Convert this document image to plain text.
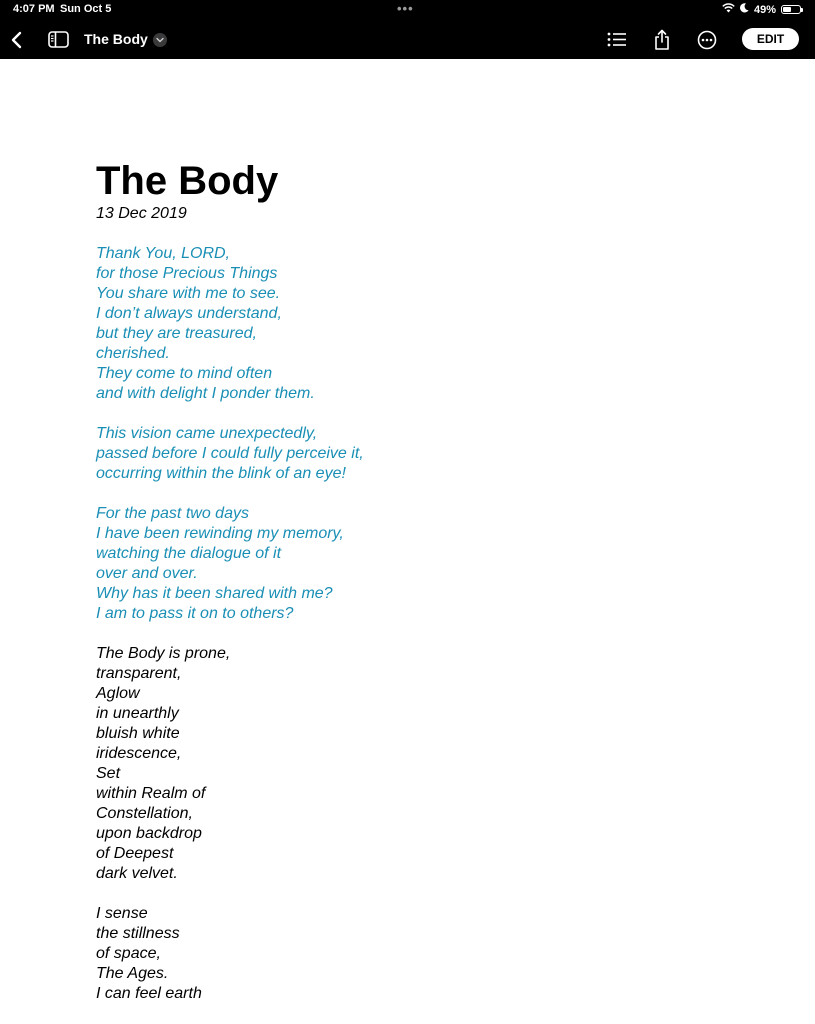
4:07 PM Sun Oct 5	•••	49%
The Body	EDIT
The Body
13 Dec 2019
Thank You, LORD,
for those Precious Things
You share with me to see.
I don’t always understand,
but they are treasured,
cherished.
They come to mind often
and with delight I ponder them.
This vision came unexpectedly,
passed before I could fully perceive it,
occurring within the blink of an eye!
For the past two days
I have been rewinding my memory,
watching the dialogue of it
over and over.
Why has it been shared with me?
I am to pass it on to others?
The Body is prone,
transparent,
Aglow
in unearthly
bluish white
iridescence,
Set
within Realm of
Constellation,
upon backdrop
of Deepest
dark velvet.
I sense
the stillness
of space,
The Ages.
I can feel earth
